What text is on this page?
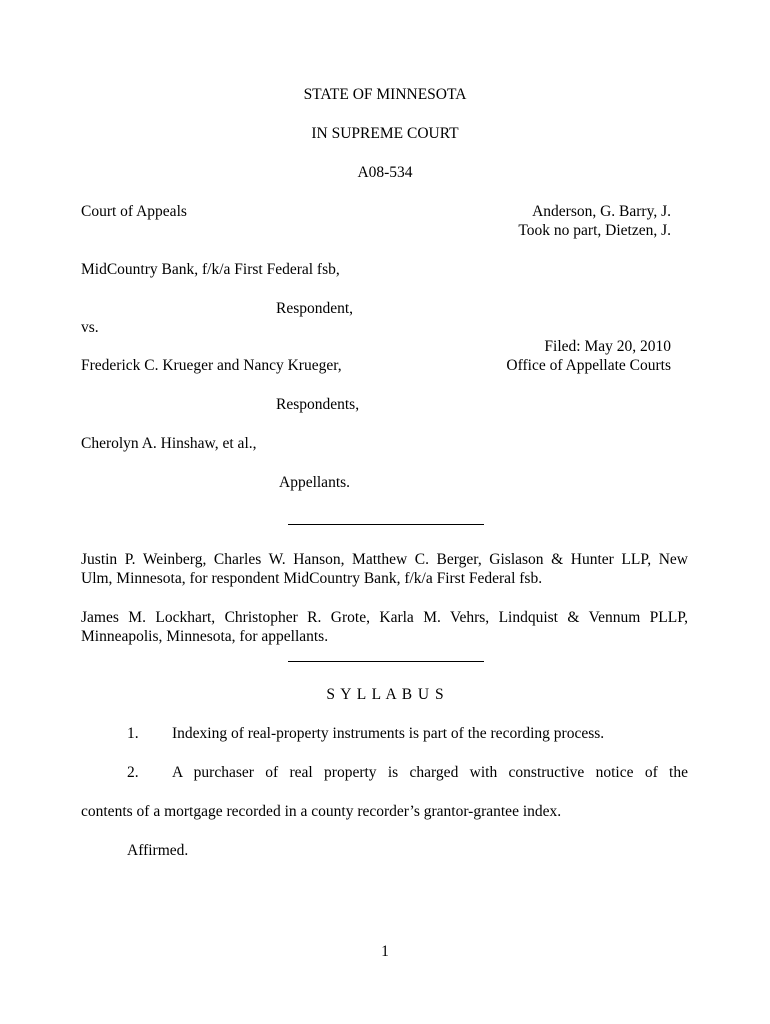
STATE OF MINNESOTA
IN SUPREME COURT
A08-534
Court of Appeals	Anderson, G. Barry, J.
Took no part, Dietzen, J.
MidCountry Bank, f/k/a First Federal fsb,
Respondent,
vs.
Filed: May 20, 2010
Frederick C. Krueger and Nancy Krueger,	Office of Appellate Courts
Respondents,
Cherolyn A. Hinshaw, et al.,
Appellants.
Justin P. Weinberg, Charles W. Hanson, Matthew C. Berger, Gislason & Hunter LLP, New
Ulm, Minnesota, for respondent MidCountry Bank, f/k/a First Federal fsb.
James M. Lockhart, Christopher R. Grote, Karla M. Vehrs, Lindquist & Vennum PLLP,
Minneapolis, Minnesota, for appellants.
S Y L L A B U S
1. Indexing of real-property instruments is part of the recording process.
2. A purchaser of real property is charged with constructive notice of the
contents of a mortgage recorded in a county recorder’s grantor-grantee index.
Affirmed.
1
